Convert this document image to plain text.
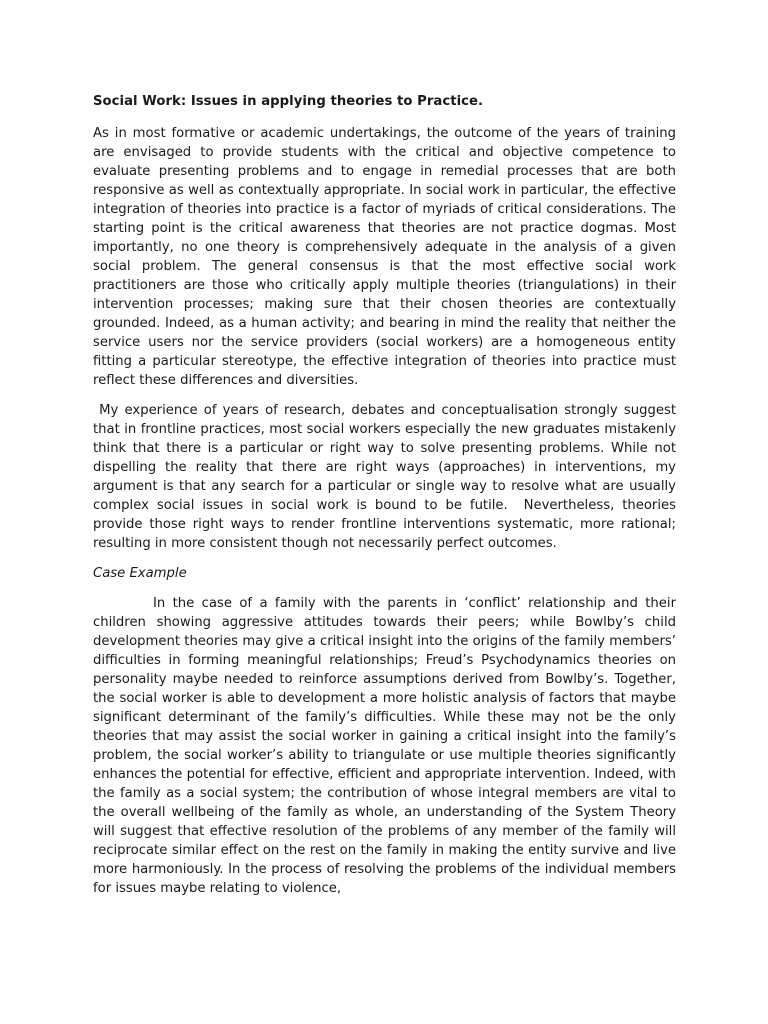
Social Work: Issues in applying theories to Practice.

As in most formative or academic undertakings, the outcome of the years of training are envisaged to provide students with the critical and objective competence to evaluate presenting problems and to engage in remedial processes that are both responsive as well as contextually appropriate. In social work in particular, the effective integration of theories into practice is a factor of myriads of critical considerations. The starting point is the critical awareness that theories are not practice dogmas. Most importantly, no one theory is comprehensively adequate in the analysis of a given social problem. The general consensus is that the most effective social work practitioners are those who critically apply multiple theories (triangulations) in their intervention processes; making sure that their chosen theories are contextually grounded. Indeed, as a human activity; and bearing in mind the reality that neither the service users nor the service providers (social workers) are a homogeneous entity fitting a particular stereotype, the effective integration of theories into practice must reflect these differences and diversities.

My experience of years of research, debates and conceptualisation strongly suggest that in frontline practices, most social workers especially the new graduates mistakenly think that there is a particular or right way to solve presenting problems. While not dispelling the reality that there are right ways (approaches) in interventions, my argument is that any search for a particular or single way to resolve what are usually complex social issues in social work is bound to be futile.  Nevertheless, theories provide those right ways to render frontline interventions systematic, more rational; resulting in more consistent though not necessarily perfect outcomes.

Case Example

In the case of a family with the parents in ‘conflict’ relationship and their children showing aggressive attitudes towards their peers; while Bowlby’s child development theories may give a critical insight into the origins of the family members’ difficulties in forming meaningful relationships; Freud’s Psychodynamics theories on personality maybe needed to reinforce assumptions derived from Bowlby’s. Together, the social worker is able to development a more holistic analysis of factors that maybe significant determinant of the family’s difficulties. While these may not be the only theories that may assist the social worker in gaining a critical insight into the family’s problem, the social worker’s ability to triangulate or use multiple theories significantly enhances the potential for effective, efficient and appropriate intervention. Indeed, with the family as a social system; the contribution of whose integral members are vital to the overall wellbeing of the family as whole, an understanding of the System Theory will suggest that effective resolution of the problems of any member of the family will reciprocate similar effect on the rest on the family in making the entity survive and live more harmoniously. In the process of resolving the problems of the individual members for issues maybe relating to violence,
